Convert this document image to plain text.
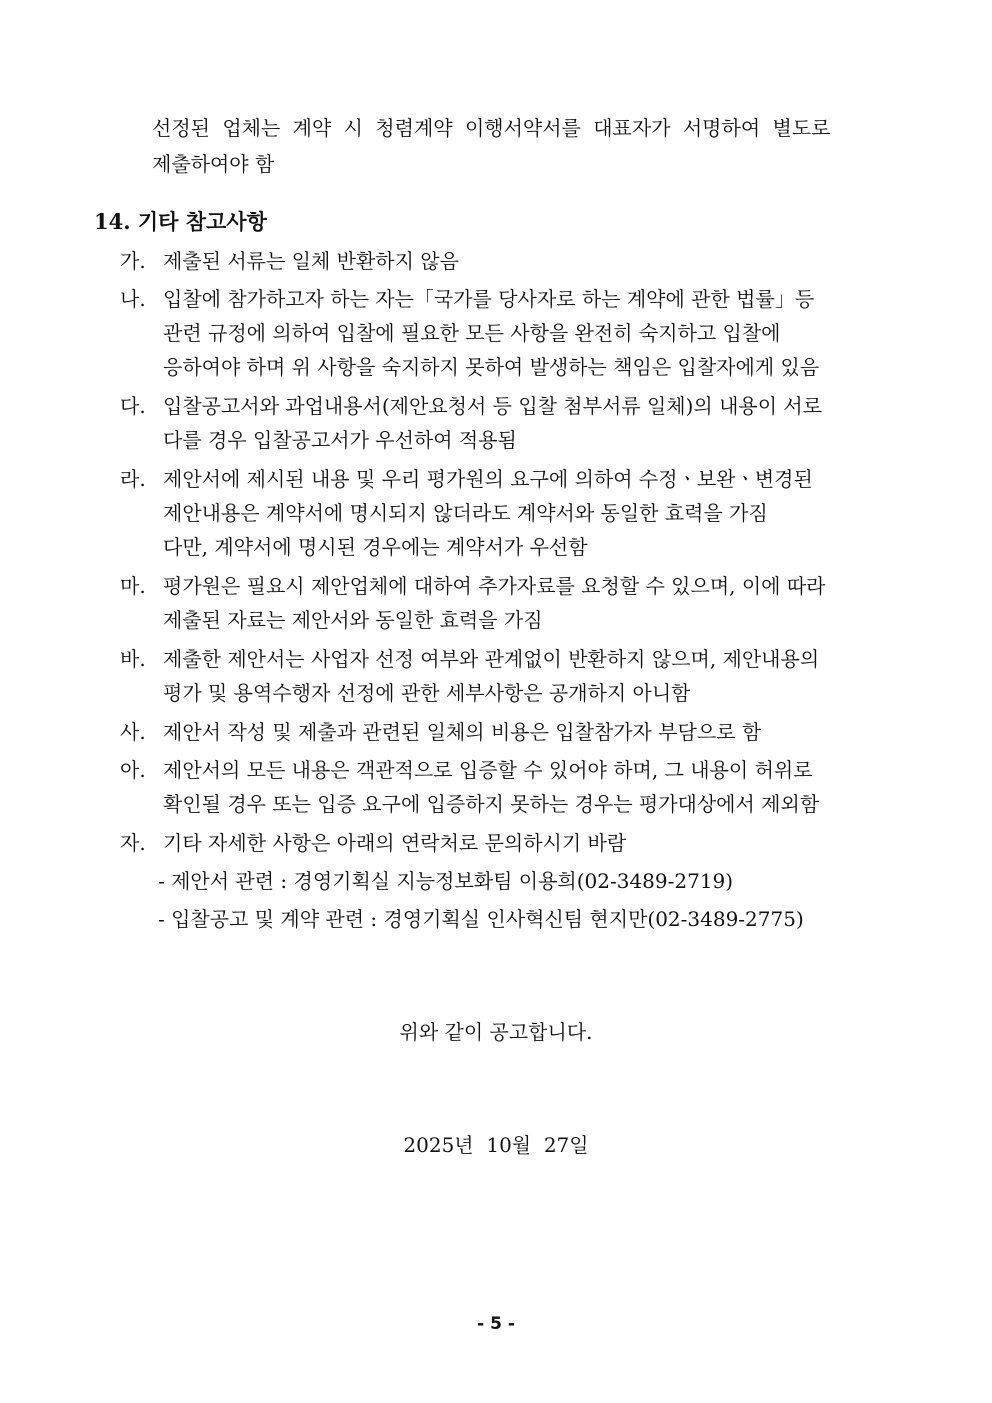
선정된 업체는 계약 시 청렴계약 이행서약서를 대표자가 서명하여 별도로
제출하여야 함
14. 기타 참고사항
가. 제출된 서류는 일체 반환하지 않음
나. 입찰에 참가하고자 하는 자는「국가를 당사자로 하는 계약에 관한 법률」등
관련 규정에 의하여 입찰에 필요한 모든 사항을 완전히 숙지하고 입찰에
응하여야 하며 위 사항을 숙지하지 못하여 발생하는 책임은 입찰자에게 있음
다. 입찰공고서와 과업내용서(제안요청서 등 입찰 첨부서류 일체)의 내용이 서로
다를 경우 입찰공고서가 우선하여 적용됨
라. 제안서에 제시된 내용 및 우리 평가원의 요구에 의하여 수정ㆍ보완ㆍ변경된
제안내용은 계약서에 명시되지 않더라도 계약서와 동일한 효력을 가짐
다만, 계약서에 명시된 경우에는 계약서가 우선함
마. 평가원은 필요시 제안업체에 대하여 추가자료를 요청할 수 있으며, 이에 따라
제출된 자료는 제안서와 동일한 효력을 가짐
바. 제출한 제안서는 사업자 선정 여부와 관계없이 반환하지 않으며, 제안내용의
평가 및 용역수행자 선정에 관한 세부사항은 공개하지 아니함
사. 제안서 작성 및 제출과 관련된 일체의 비용은 입찰참가자 부담으로 함
아. 제안서의 모든 내용은 객관적으로 입증할 수 있어야 하며, 그 내용이 허위로
확인될 경우 또는 입증 요구에 입증하지 못하는 경우는 평가대상에서 제외함
자. 기타 자세한 사항은 아래의 연락처로 문의하시기 바람
- 제안서 관련 : 경영기획실 지능정보화팀 이용희(02-3489-2719)
- 입찰공고 및 계약 관련 : 경영기획실 인사혁신팀 현지만(02-3489-2775)
위와 같이 공고합니다.
2025년  10월  27일
- 5 -
